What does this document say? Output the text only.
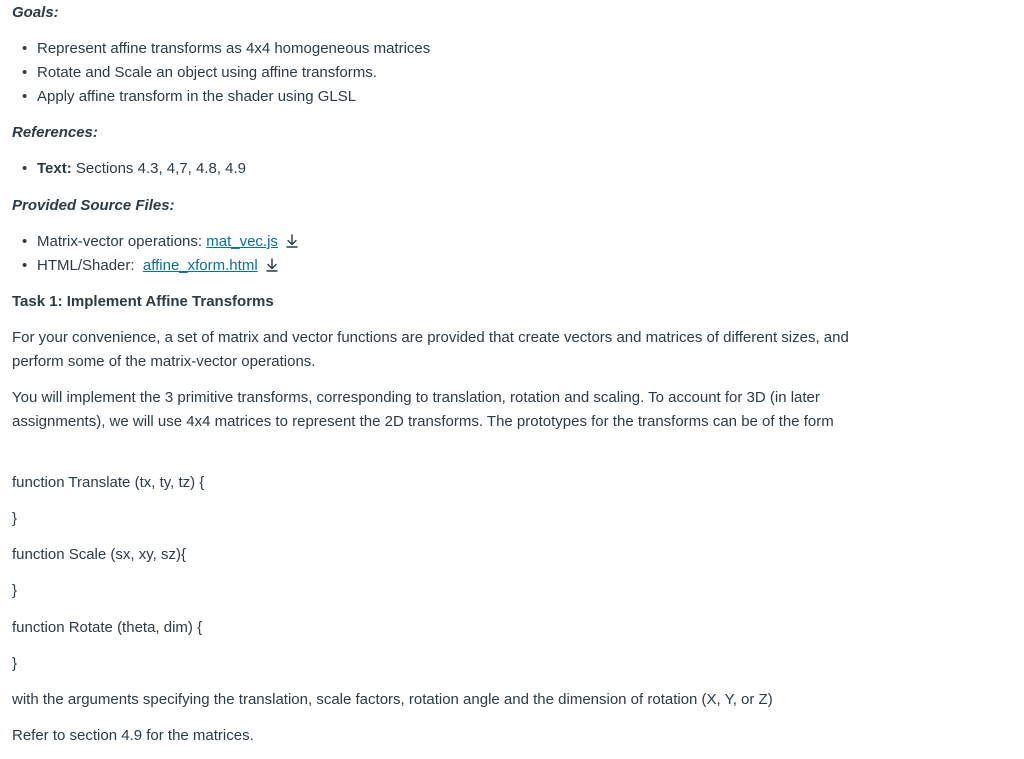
Goals:
• Represent affine transforms as 4x4 homogeneous matrices
• Rotate and Scale an object using affine transforms.
• Apply affine transform in the shader using GLSL
References:
• Text: Sections 4.3, 4,7, 4.8, 4.9
Provided Source Files:
• Matrix-vector operations: mat_vec.js
• HTML/Shader:  affine_xform.html
Task 1: Implement Affine Transforms
For your convenience, a set of matrix and vector functions are provided that create vectors and matrices of different sizes, and perform some of the matrix-vector operations.
You will implement the 3 primitive transforms, corresponding to translation, rotation and scaling. To account for 3D (in later assignments), we will use 4x4 matrices to represent the 2D transforms. The prototypes for the transforms can be of the form
function Translate (tx, ty, tz) {
}
function Scale (sx, xy, sz){
}
function Rotate (theta, dim) {
}
with the arguments specifying the translation, scale factors, rotation angle and the dimension of rotation (X, Y, or Z)
Refer to section 4.9 for the matrices.
